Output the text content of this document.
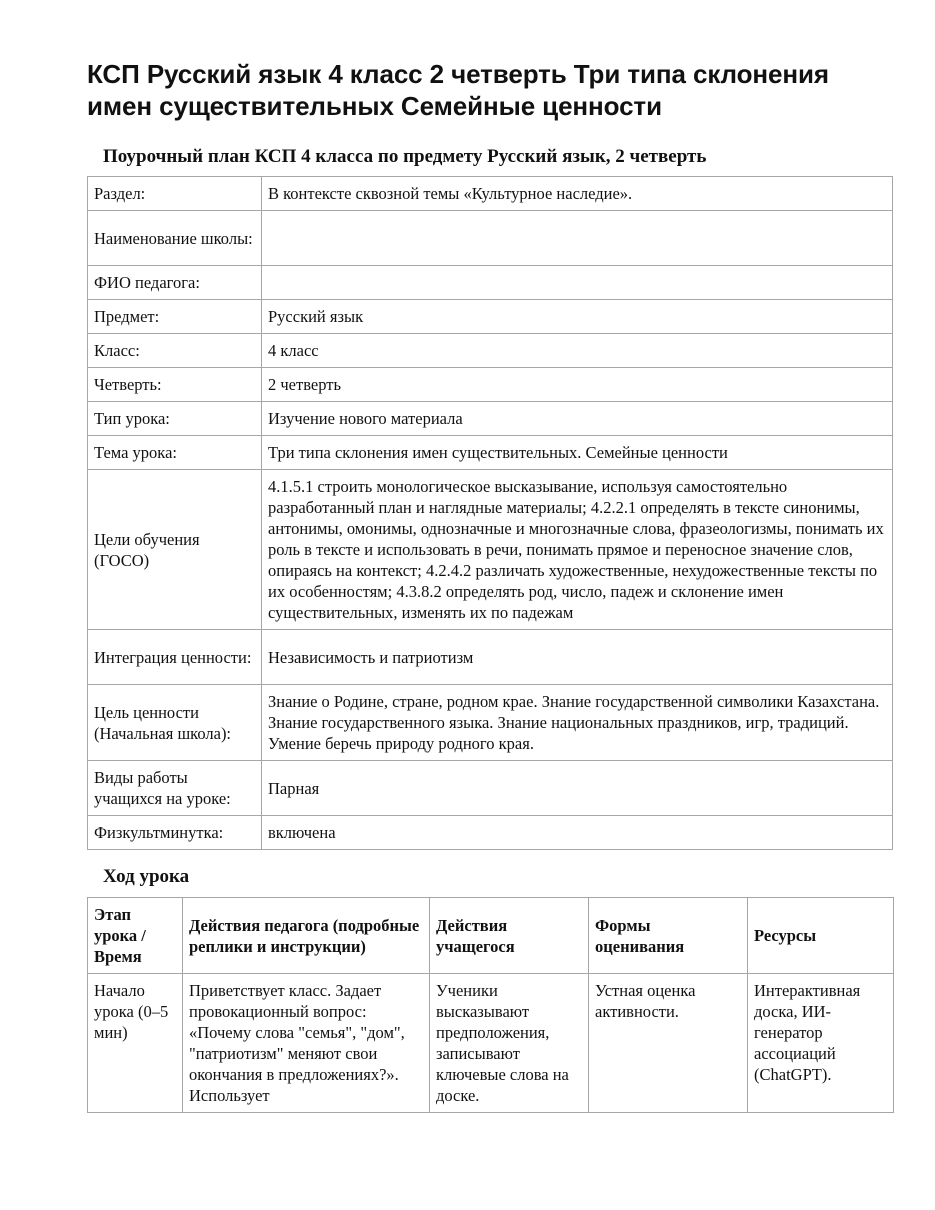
КСП Русский язык 4 класс 2 четверть Три типа склонения имен существительных Семейные ценности
Поурочный план КСП 4 класса по предмету Русский язык, 2 четверть
Раздел:	В контексте сквозной темы «Культурное наследие».
Наименование школы:	
ФИО педагога:	
Предмет:	Русский язык
Класс:	4 класс
Четверть:	2 четверть
Тип урока:	Изучение нового материала
Тема урока:	Три типа склонения имен существительных. Семейные ценности
Цели обучения (ГОСО)	4.1.5.1 строить монологическое высказывание, используя самостоятельно разработанный план и наглядные материалы; 4.2.2.1 определять в тексте синонимы, антонимы, омонимы, однозначные и многозначные слова, фразеологизмы, понимать их роль в тексте и использовать в речи, понимать прямое и переносное значение слов, опираясь на контекст; 4.2.4.2 различать художественные, нехудожественные тексты по их особенностям; 4.3.8.2 определять род, число, падеж и склонение имен существительных, изменять их по падежам
Интеграция ценности:	Независимость и патриотизм
Цель ценности (Начальная школа):	Знание о Родине, стране, родном крае. Знание государственной символики Казахстана. Знание государственного языка. Знание национальных праздников, игр, традиций. Умение беречь природу родного края.
Виды работы учащихся на уроке:	Парная
Физкультминутка:	включена
Ход урока
Этап урока / Время	Действия педагога (подробные реплики и инструкции)	Действия учащегося	Формы оценивания	Ресурсы
Начало урока (0–5 мин)	Приветствует класс. Задает провокационный вопрос: «Почему слова "семья", "дом", "патриотизм" меняют свои окончания в предложениях?». Использует	Ученики высказывают предположения, записывают ключевые слова на доске.	Устная оценка активности.	Интерактивная доска, ИИ-генератор ассоциаций (ChatGPT).
